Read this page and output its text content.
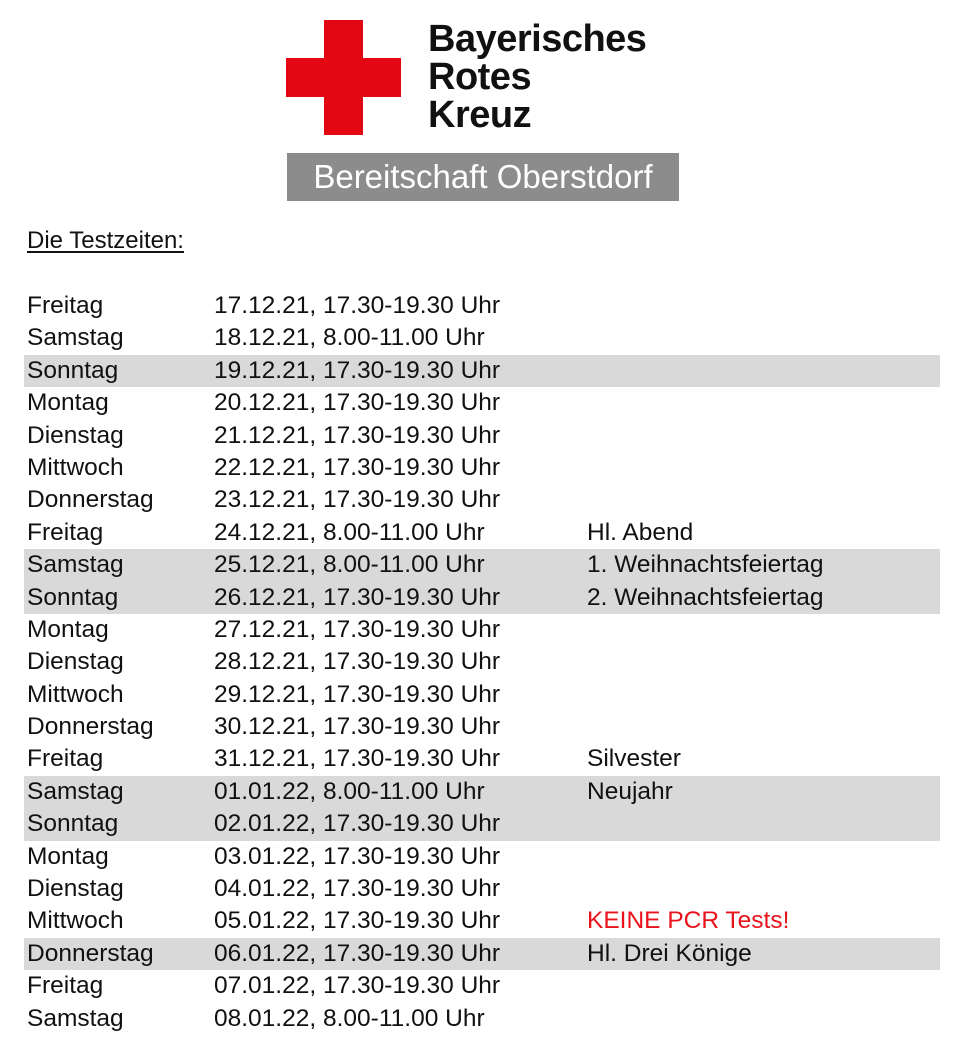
Bayerisches
Rotes
Kreuz
Bereitschaft Oberstdorf
Die Testzeiten:
Freitag	17.12.21, 17.30-19.30 Uhr
Samstag	18.12.21, 8.00-11.00 Uhr
Sonntag	19.12.21, 17.30-19.30 Uhr
Montag	20.12.21, 17.30-19.30 Uhr
Dienstag	21.12.21, 17.30-19.30 Uhr
Mittwoch	22.12.21, 17.30-19.30 Uhr
Donnerstag 23.12.21, 17.30-19.30 Uhr
Freitag	24.12.21, 8.00-11.00 Uhr	Hl. Abend
Samstag	25.12.21, 8.00-11.00 Uhr	1. Weihnachtsfeiertag
Sonntag	26.12.21, 17.30-19.30 Uhr	2. Weihnachtsfeiertag
Montag	27.12.21, 17.30-19.30 Uhr
Dienstag	28.12.21, 17.30-19.30 Uhr
Mittwoch	29.12.21, 17.30-19.30 Uhr
Donnerstag 30.12.21, 17.30-19.30 Uhr
Freitag	31.12.21, 17.30-19.30 Uhr	Silvester
Samstag	01.01.22, 8.00-11.00 Uhr	Neujahr
Sonntag	02.01.22, 17.30-19.30 Uhr
Montag	03.01.22, 17.30-19.30 Uhr
Dienstag	04.01.22, 17.30-19.30 Uhr
Mittwoch	05.01.22, 17.30-19.30 Uhr	KEINE PCR Tests!
Donnerstag 06.01.22, 17.30-19.30 Uhr	Hl. Drei Könige
Freitag	07.01.22, 17.30-19.30 Uhr
Samstag	08.01.22, 8.00-11.00 Uhr
